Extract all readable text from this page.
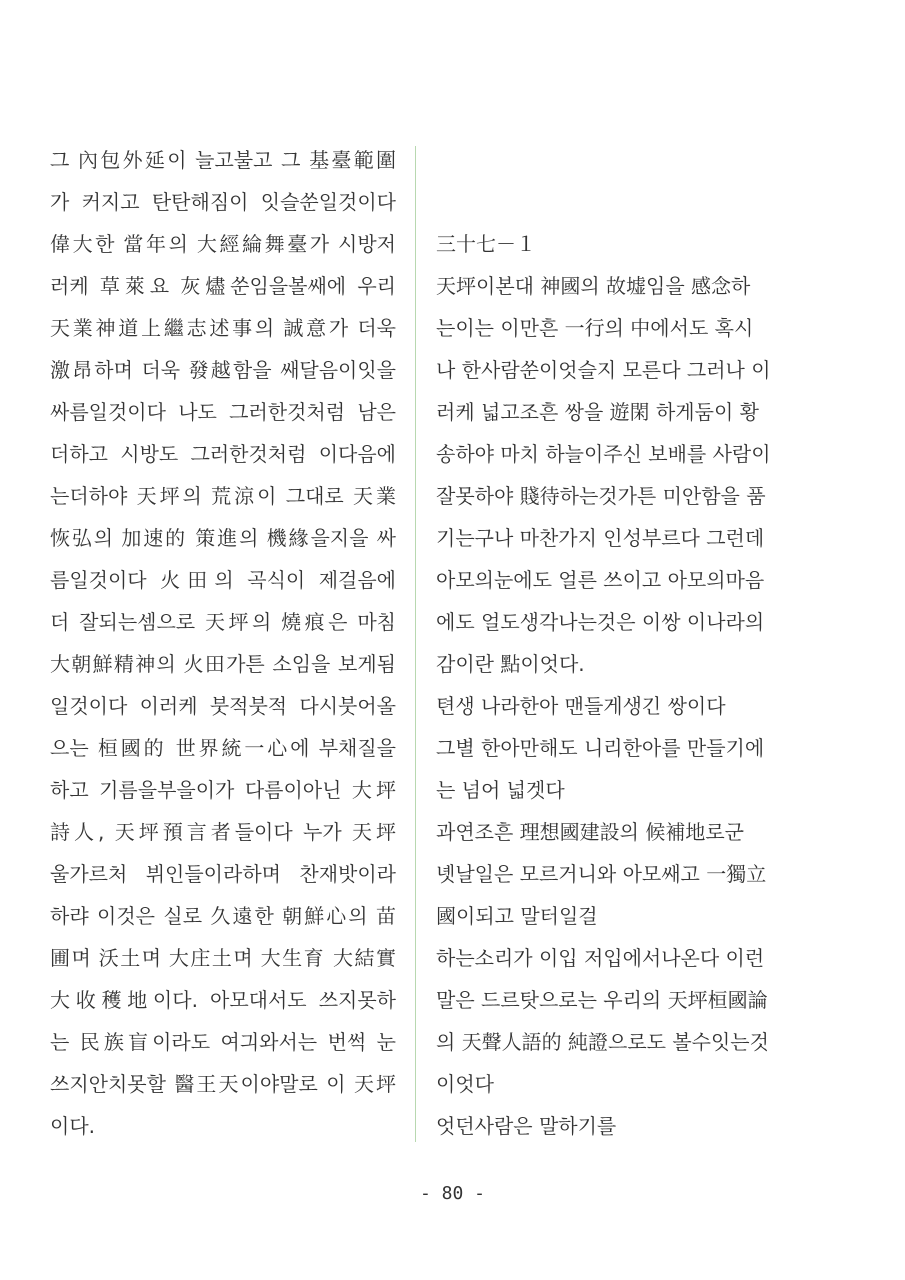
그 內包外延이 늘고불고 그 基臺範圍
가 커지고 탄탄해짐이 잇슬쑨일것이다
偉大한 當年의 大經綸舞臺가 시방저
러케 草萊요 灰燼쑨임을볼쌔에 우리
天業神道上繼志述事의 誠意가 더욱
激昂하며 더욱 發越함을 쌔달음이잇을
싸름일것이다 나도 그러한것처럼 남은
더하고 시방도 그러한것처럼 이다음에
는더하야 天坪의 荒涼이 그대로 天業
恢弘의 加速的 策進의 機緣을지을 싸
름일것이다 火田의 곡식이 제걸음에
더 잘되는셈으로 天坪의 燒痕은 마침
大朝鮮精神의 火田가튼 소임을 보게됨
일것이다 이러케 붓적붓적 다시붓어올
으는 桓國的 世界統一心에 부채질을
하고 기름을부을이가 다름이아닌 大坪
詩人, 天坪預言者들이다 누가 天坪
울가르처 뷔인들이라하며 찬재밧이라
하랴 이것은 실로 久遠한 朝鮮心의 苗
圃며 沃土며 大庄土며 大生育 大結實
大收穫地이다. 아모대서도 쓰지못하
는 民族盲이라도 여긔와서는 번썩 눈
쓰지안치못할 醫王天이야말로 이 天坪
이다.
三十七－１
天坪이본대 神國의 故墟임을 感念하
는이는 이만흔 一行의 中에서도 혹시
나 한사람쑨이엇슬지 모른다 그러나 이
러케 넓고조흔 쌍을 遊閑 하게둠이 황
송하야 마치 하늘이주신 보배를 사람이
잘못하야 賤待하는것가튼 미안함을 품
기는구나 마찬가지 인성부르다 그런데
아모의눈에도 얼른 쓰이고 아모의마음
에도 얼도생각나는것은 이쌍 이나라의
감이란 點이엇다.
텬생 나라한아 맨들게생긴 쌍이다
그별 한아만해도 니리한아를 만들기에
는 넘어 넓겟다
과연조흔 理想國建設의 候補地로군
녯날일은 모르거니와 아모쌔고 一獨立
國이되고 말터일걸
하는소리가 이입 저입에서나온다 이런
말은 드르탓으로는 우리의 天坪桓國論
의 天聲人語的 純證으로도 볼수잇는것
이엇다
엇던사람은 말하기를
- 80 -
